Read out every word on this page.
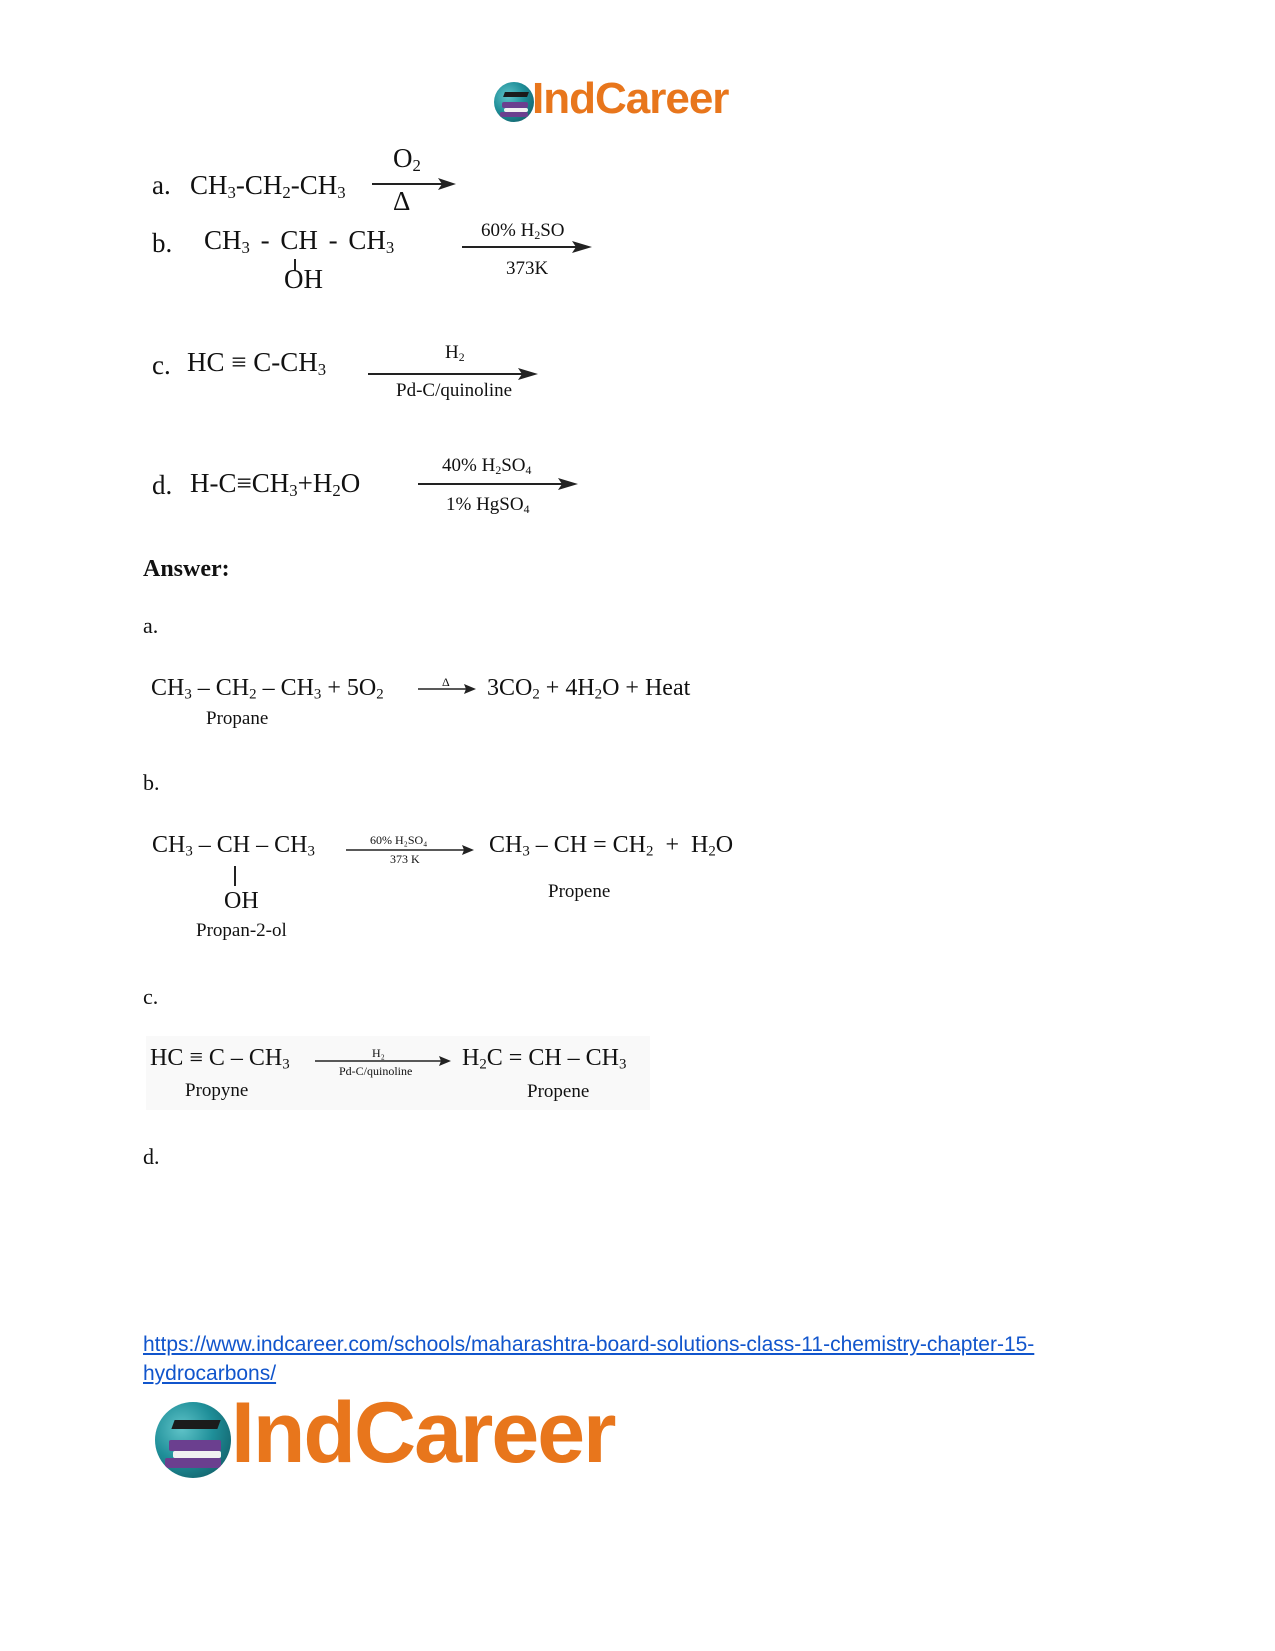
IndCareer
a. $CH_3-CH_2-CH_3$
$O_2$
Δ
b. $CH_3$ - CH - $CH_3$
OH
60% $H_2SO$
373K
c. HC ≡ $C-CH_3$
$H_2$
Pd-C/quinoline
d. $H-C\equiv CH_3+H_2O$
40% $H_2SO_4$
1% HgSO$_4$
Answer:
a.
$CH_3 - CH_2 - CH_3 + 5O_2$
Δ $3CO_2 + 4H_2O$ + Heat
Propane
b.
$CH_3$ – CH – $CH_3$
OH
60% H₂SO₄
373 K
$CH_3$ – CH = $CH_2 + H_2O$
Propan-2-ol
Propene
c.
HC ≡ C – $CH_3$
H₂
Pd-C/quinoline $H_2C$ = CH – $CH_3$
Propyne	Propene
d.
https://www.indcareer.com/schools/maharashtra-board-solutions-class-11-chemistry-chapter-15-
hydrocarbons/
IndCareer
